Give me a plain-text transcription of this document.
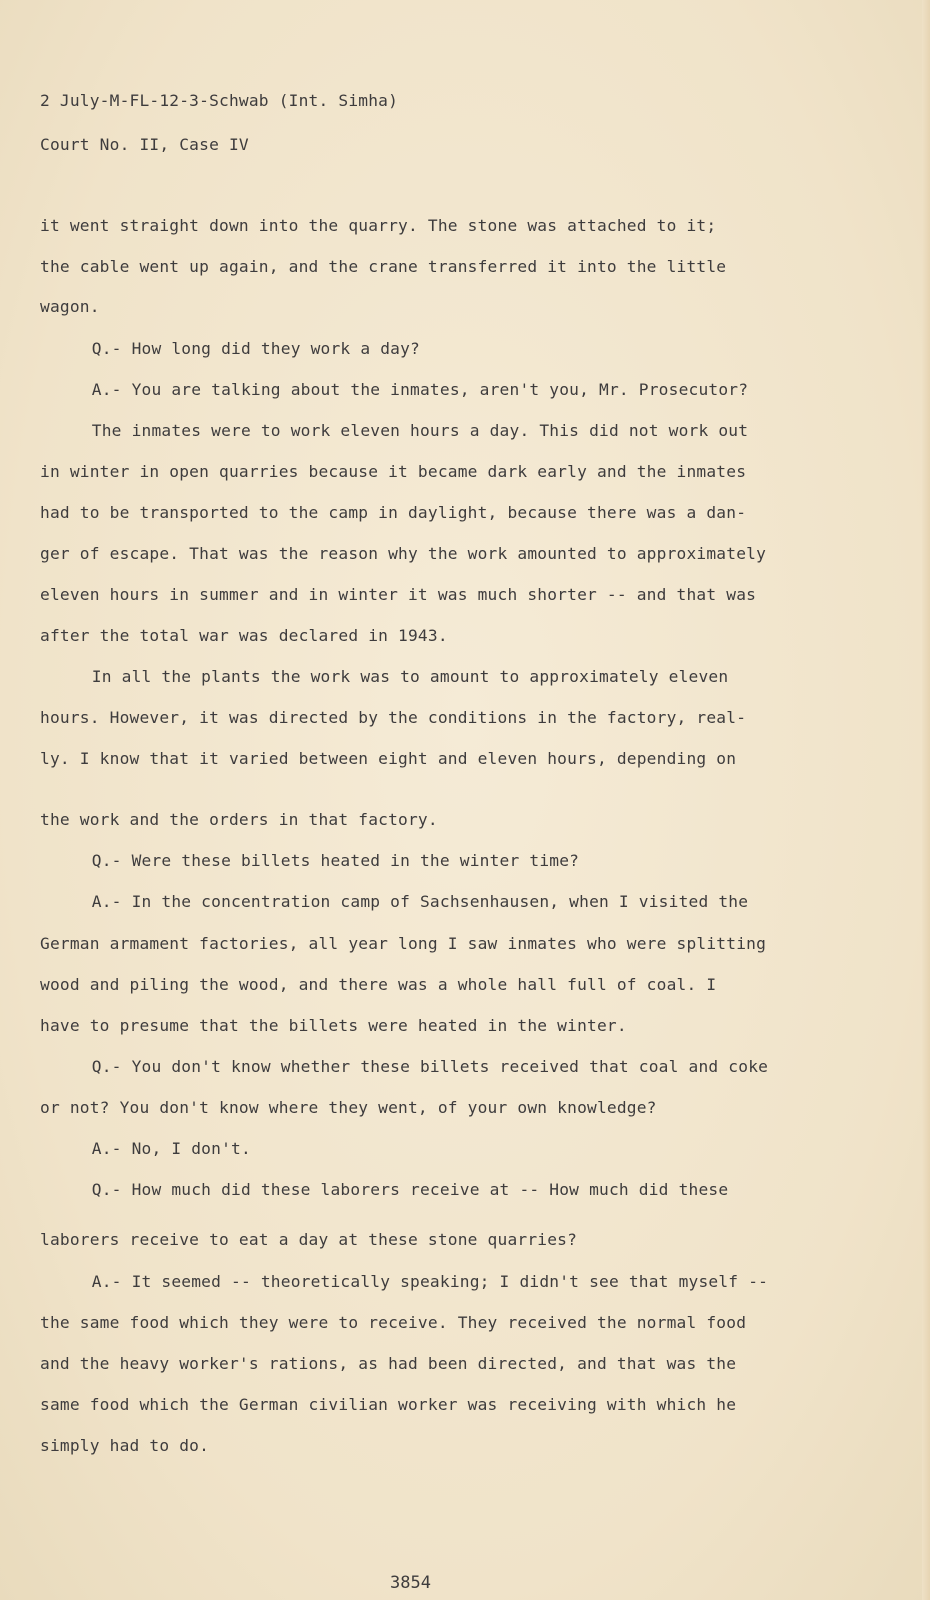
2 July-M-FL-12-3-Schwab (Int. Simha)
Court No. II, Case IV
it went straight down into the quarry. The stone was attached to it;
the cable went up again, and the crane transferred it into the little
wagon.
Q.- How long did they work a day?
A.- You are talking about the inmates, aren't you, Mr. Prosecutor?
The inmates were to work eleven hours a day. This did not work out
in winter in open quarries because it became dark early and the inmates
had to be transported to the camp in daylight, because there was a dan-
ger of escape. That was the reason why the work amounted to approximately
eleven hours in summer and in winter it was much shorter -- and that was
after the total war was declared in 1943.
In all the plants the work was to amount to approximately eleven
hours. However, it was directed by the conditions in the factory, real-
ly. I know that it varied between eight and eleven hours, depending on
the work and the orders in that factory.
Q.- Were these billets heated in the winter time?
A.- In the concentration camp of Sachsenhausen, when I visited the
German armament factories, all year long I saw inmates who were splitting
wood and piling the wood, and there was a whole hall full of coal. I
have to presume that the billets were heated in the winter.
Q.- You don't know whether these billets received that coal and coke
or not? You don't know where they went, of your own knowledge?
A.- No, I don't.
Q.- How much did these laborers receive at -- How much did these
laborers receive to eat a day at these stone quarries?
A.- It seemed -- theoretically speaking; I didn't see that myself --
the same food which they were to receive. They received the normal food
and the heavy worker's rations, as had been directed, and that was the
same food which the German civilian worker was receiving with which he
simply had to do.
3854
